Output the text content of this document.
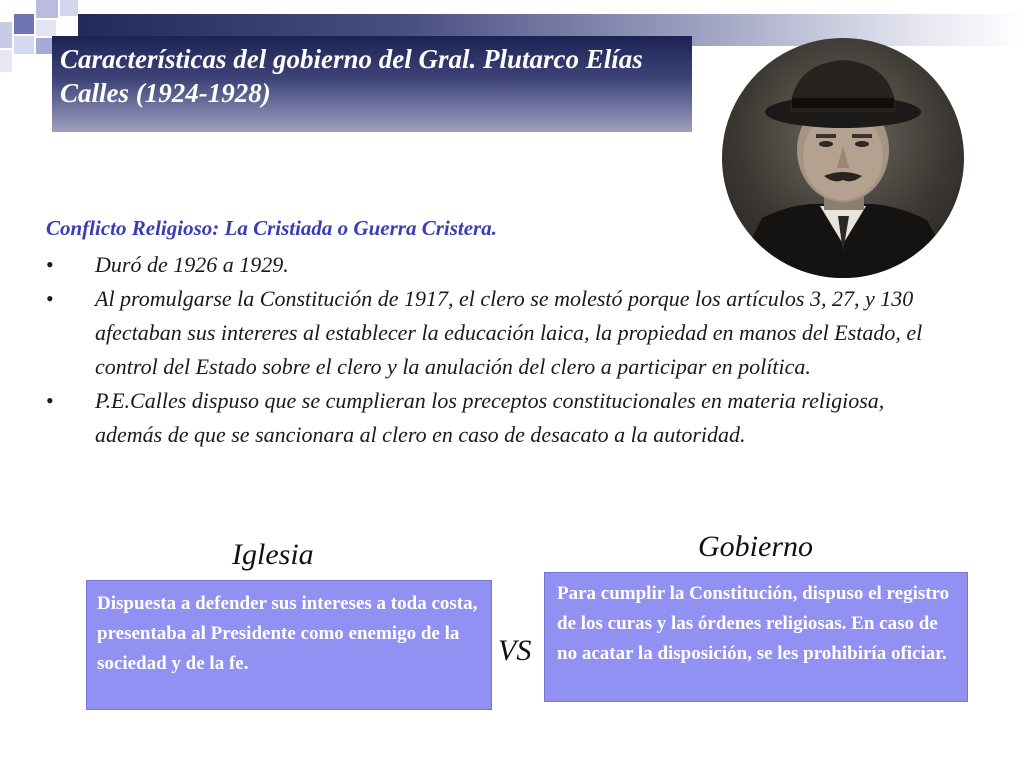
Características del gobierno del Gral. Plutarco Elías Calles (1924-1928)
Conflicto Religioso: La Cristiada o Guerra Cristera.
• Duró de 1926 a 1929.
• Al promulgarse la Constitución de 1917, el clero se molestó porque los artículos 3, 27, y 130 afectaban sus intereres al establecer la educación laica, la propiedad en manos del Estado, el control del Estado sobre el clero y la anulación del clero a participar en política.
• P.E.Calles dispuso que se cumplieran los preceptos constitucionales en materia religiosa, además de que se sancionara al clero en caso de desacato a la autoridad.
Iglesia	Gobierno
VS
Dispuesta a defender sus intereses a toda costa, presentaba al Presidente como enemigo de la sociedad y de la fe.
Para cumplir la Constitución, dispuso el registro de los curas y las órdenes religiosas. En caso de no acatar la disposición, se les prohibiría oficiar.
